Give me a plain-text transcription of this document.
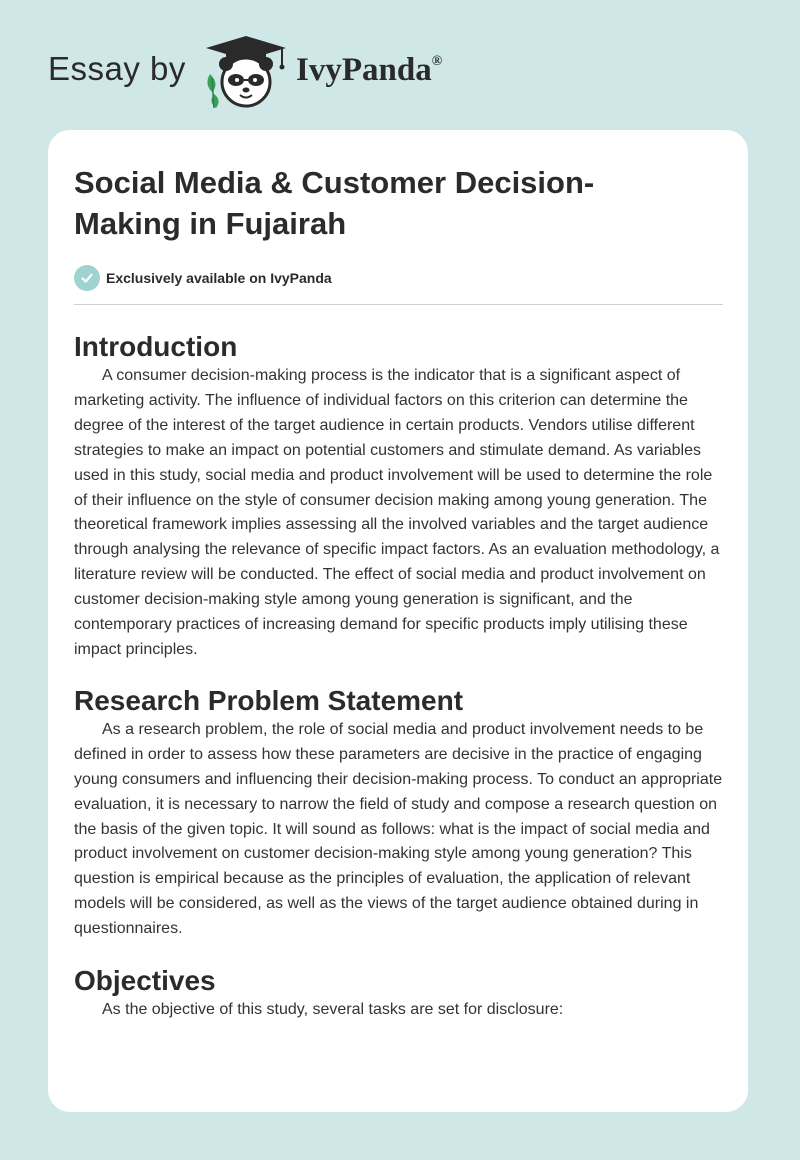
Essay by	IvyPanda®
Social Media & Customer Decision-Making in Fujairah
Exclusively available on IvyPanda
Introduction

A consumer decision-making process is the indicator that is a significant aspect of marketing activity. The influence of individual factors on this criterion can determine the degree of the interest of the target audience in certain products. Vendors utilise different strategies to make an impact on potential customers and stimulate demand. As variables used in this study, social media and product involvement will be used to determine the role of their influence on the style of consumer decision making among young generation. The theoretical framework implies assessing all the involved variables and the target audience through analysing the relevance of specific impact factors. As an evaluation methodology, a literature review will be conducted. The effect of social media and product involvement on customer decision-making style among young generation is significant, and the contemporary practices of increasing demand for specific products imply utilising these impact principles.

Research Problem Statement

As a research problem, the role of social media and product involvement needs to be defined in order to assess how these parameters are decisive in the practice of engaging young consumers and influencing their decision-making process. To conduct an appropriate evaluation, it is necessary to narrow the field of study and compose a research question on the basis of the given topic. It will sound as follows: what is the impact of social media and product involvement on customer decision-making style among young generation? This question is empirical because as the principles of evaluation, the application of relevant models will be considered, as well as the views of the target audience obtained during in questionnaires.

Objectives

As the objective of this study, several tasks are set for disclosure:
